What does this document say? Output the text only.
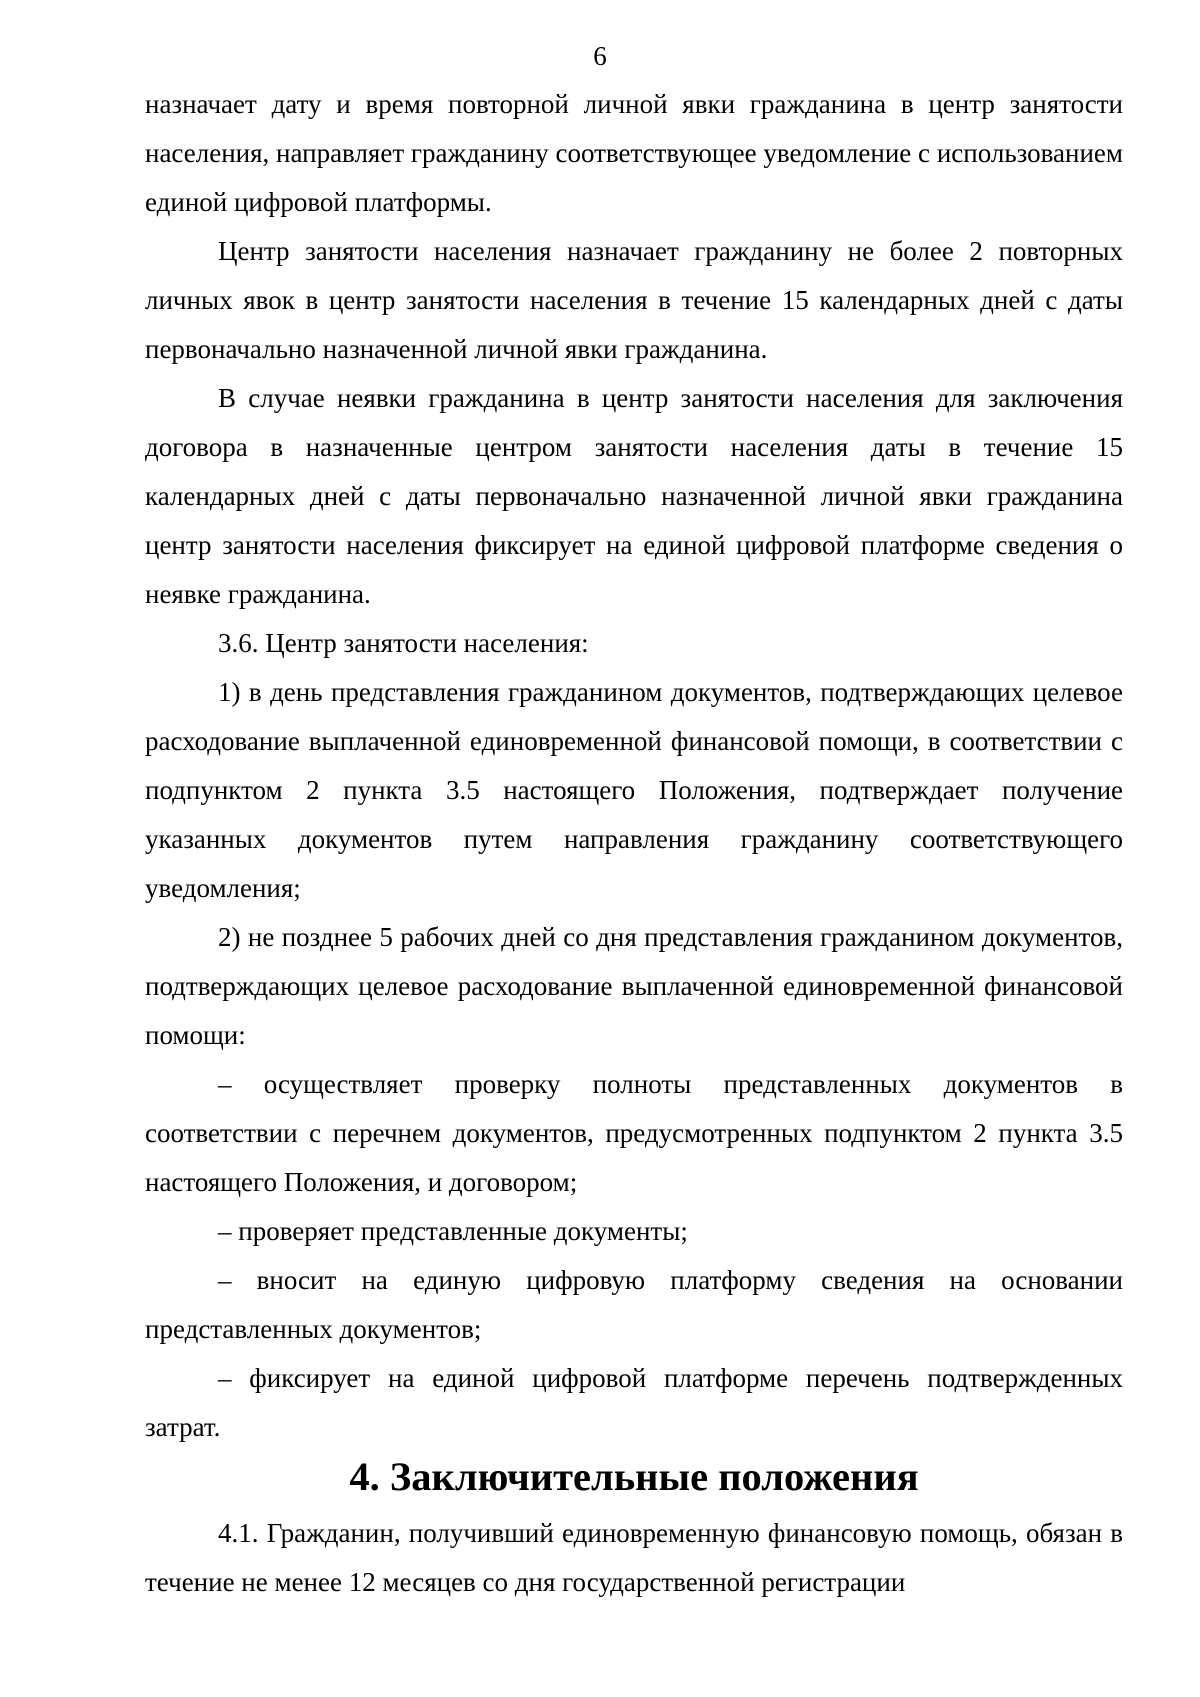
6

назначает дату и время повторной личной явки гражданина в центр занятости населения, направляет гражданину соответствующее уведомление с использованием единой цифровой платформы.

Центр занятости населения назначает гражданину не более 2 повторных личных явок в центр занятости населения в течение 15 календарных дней с даты первоначально назначенной личной явки гражданина.

В случае неявки гражданина в центр занятости населения для заключения договора в назначенные центром занятости населения даты в течение 15 календарных дней с даты первоначально назначенной личной явки гражданина центр занятости населения фиксирует на единой цифровой платформе сведения о неявке гражданина.

3.6. Центр занятости населения:

1) в день представления гражданином документов, подтверждающих целевое расходование выплаченной единовременной финансовой помощи, в соответствии с подпунктом 2 пункта 3.5 настоящего Положения, подтверждает получение указанных документов путем направления гражданину соответствующего уведомления;

2) не позднее 5 рабочих дней со дня представления гражданином документов, подтверждающих целевое расходование выплаченной единовременной финансовой помощи:

– осуществляет проверку полноты представленных документов в соответствии с перечнем документов, предусмотренных подпунктом 2 пункта 3.5 настоящего Положения, и договором;

– проверяет представленные документы;

– вносит на единую цифровую платформу сведения на основании представленных документов;

– фиксирует на единой цифровой платформе перечень подтвержденных затрат.

4. Заключительные положения

4.1. Гражданин, получивший единовременную финансовую помощь, обязан в течение не менее 12 месяцев со дня государственной регистрации
